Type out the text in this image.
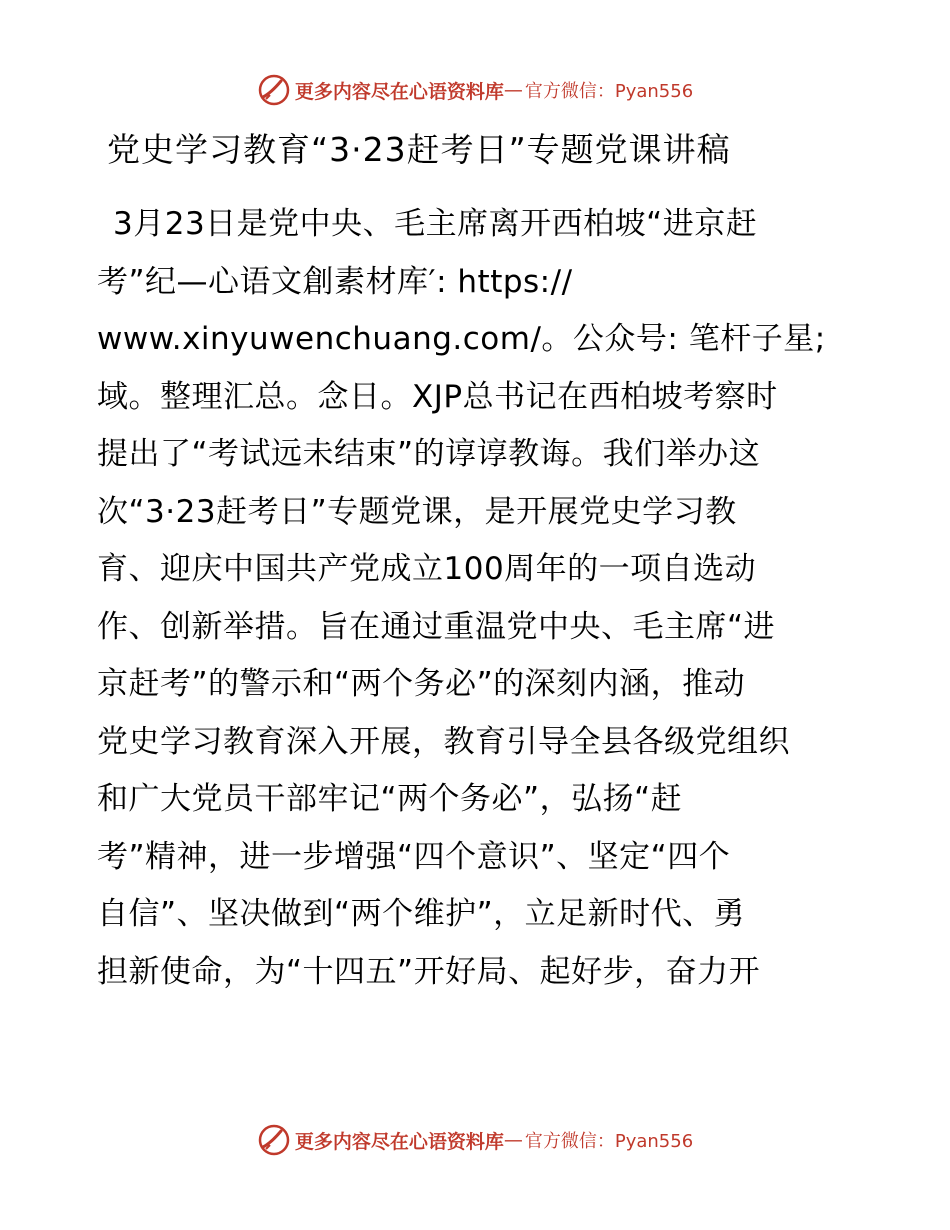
更多内容尽在心语资料库 — 官方微信：Pyan556
党史学习教育“3·23赶考日”专题党课讲稿
3月23日是党中央、毛主席离开西柏坡“进京赶
考”纪—心语文創素材库′: https://
www.xinyuwenchuang.com/。公众号: 笔杆子星;
域。整理汇总。念日。XJP总书记在西柏坡考察时
提出了“考试远未结束”的谆谆教诲。我们举办这
次“3·23赶考日”专题党课，是开展党史学习教
育、迎庆中国共产党成立100周年的一项自选动
作、创新举措。旨在通过重温党中央、毛主席“进
京赶考”的警示和“两个务必”的深刻内涵，推动
党史学习教育深入开展，教育引导全县各级党组织
和广大党员干部牢记“两个务必”，弘扬“赶
考”精神，进一步增强“四个意识”、坚定“四个
自信”、坚决做到“两个维护”，立足新时代、勇
担新使命，为“十四五”开好局、起好步，奋力开
更多内容尽在心语资料库 — 官方微信：Pyan556
